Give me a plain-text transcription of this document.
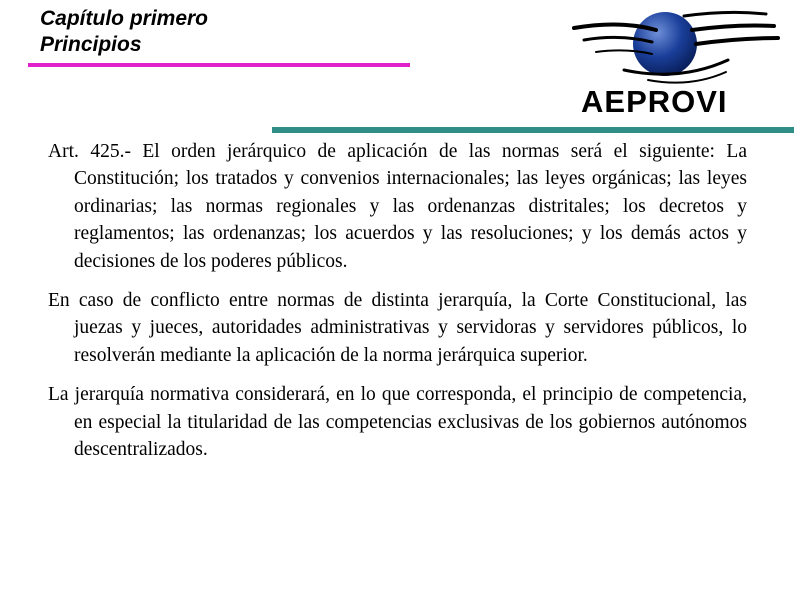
Capítulo primero
Principios
AEPROVI

Art. 425.- El orden jerárquico de aplicación de las normas será el siguiente: La Constitución; los tratados y convenios internacionales; las leyes orgánicas; las leyes ordinarias; las normas regionales y las ordenanzas distritales; los decretos y reglamentos; las ordenanzas; los acuerdos y las resoluciones; y los demás actos y decisiones de los poderes públicos.

En caso de conflicto entre normas de distinta jerarquía, la Corte Constitucional, las juezas y jueces, autoridades administrativas y servidoras y servidores públicos, lo resolverán mediante la aplicación de la norma jerárquica superior.

La jerarquía normativa considerará, en lo que corresponda, el principio de competencia, en especial la titularidad de las competencias exclusivas de los gobiernos autónomos descentralizados.
